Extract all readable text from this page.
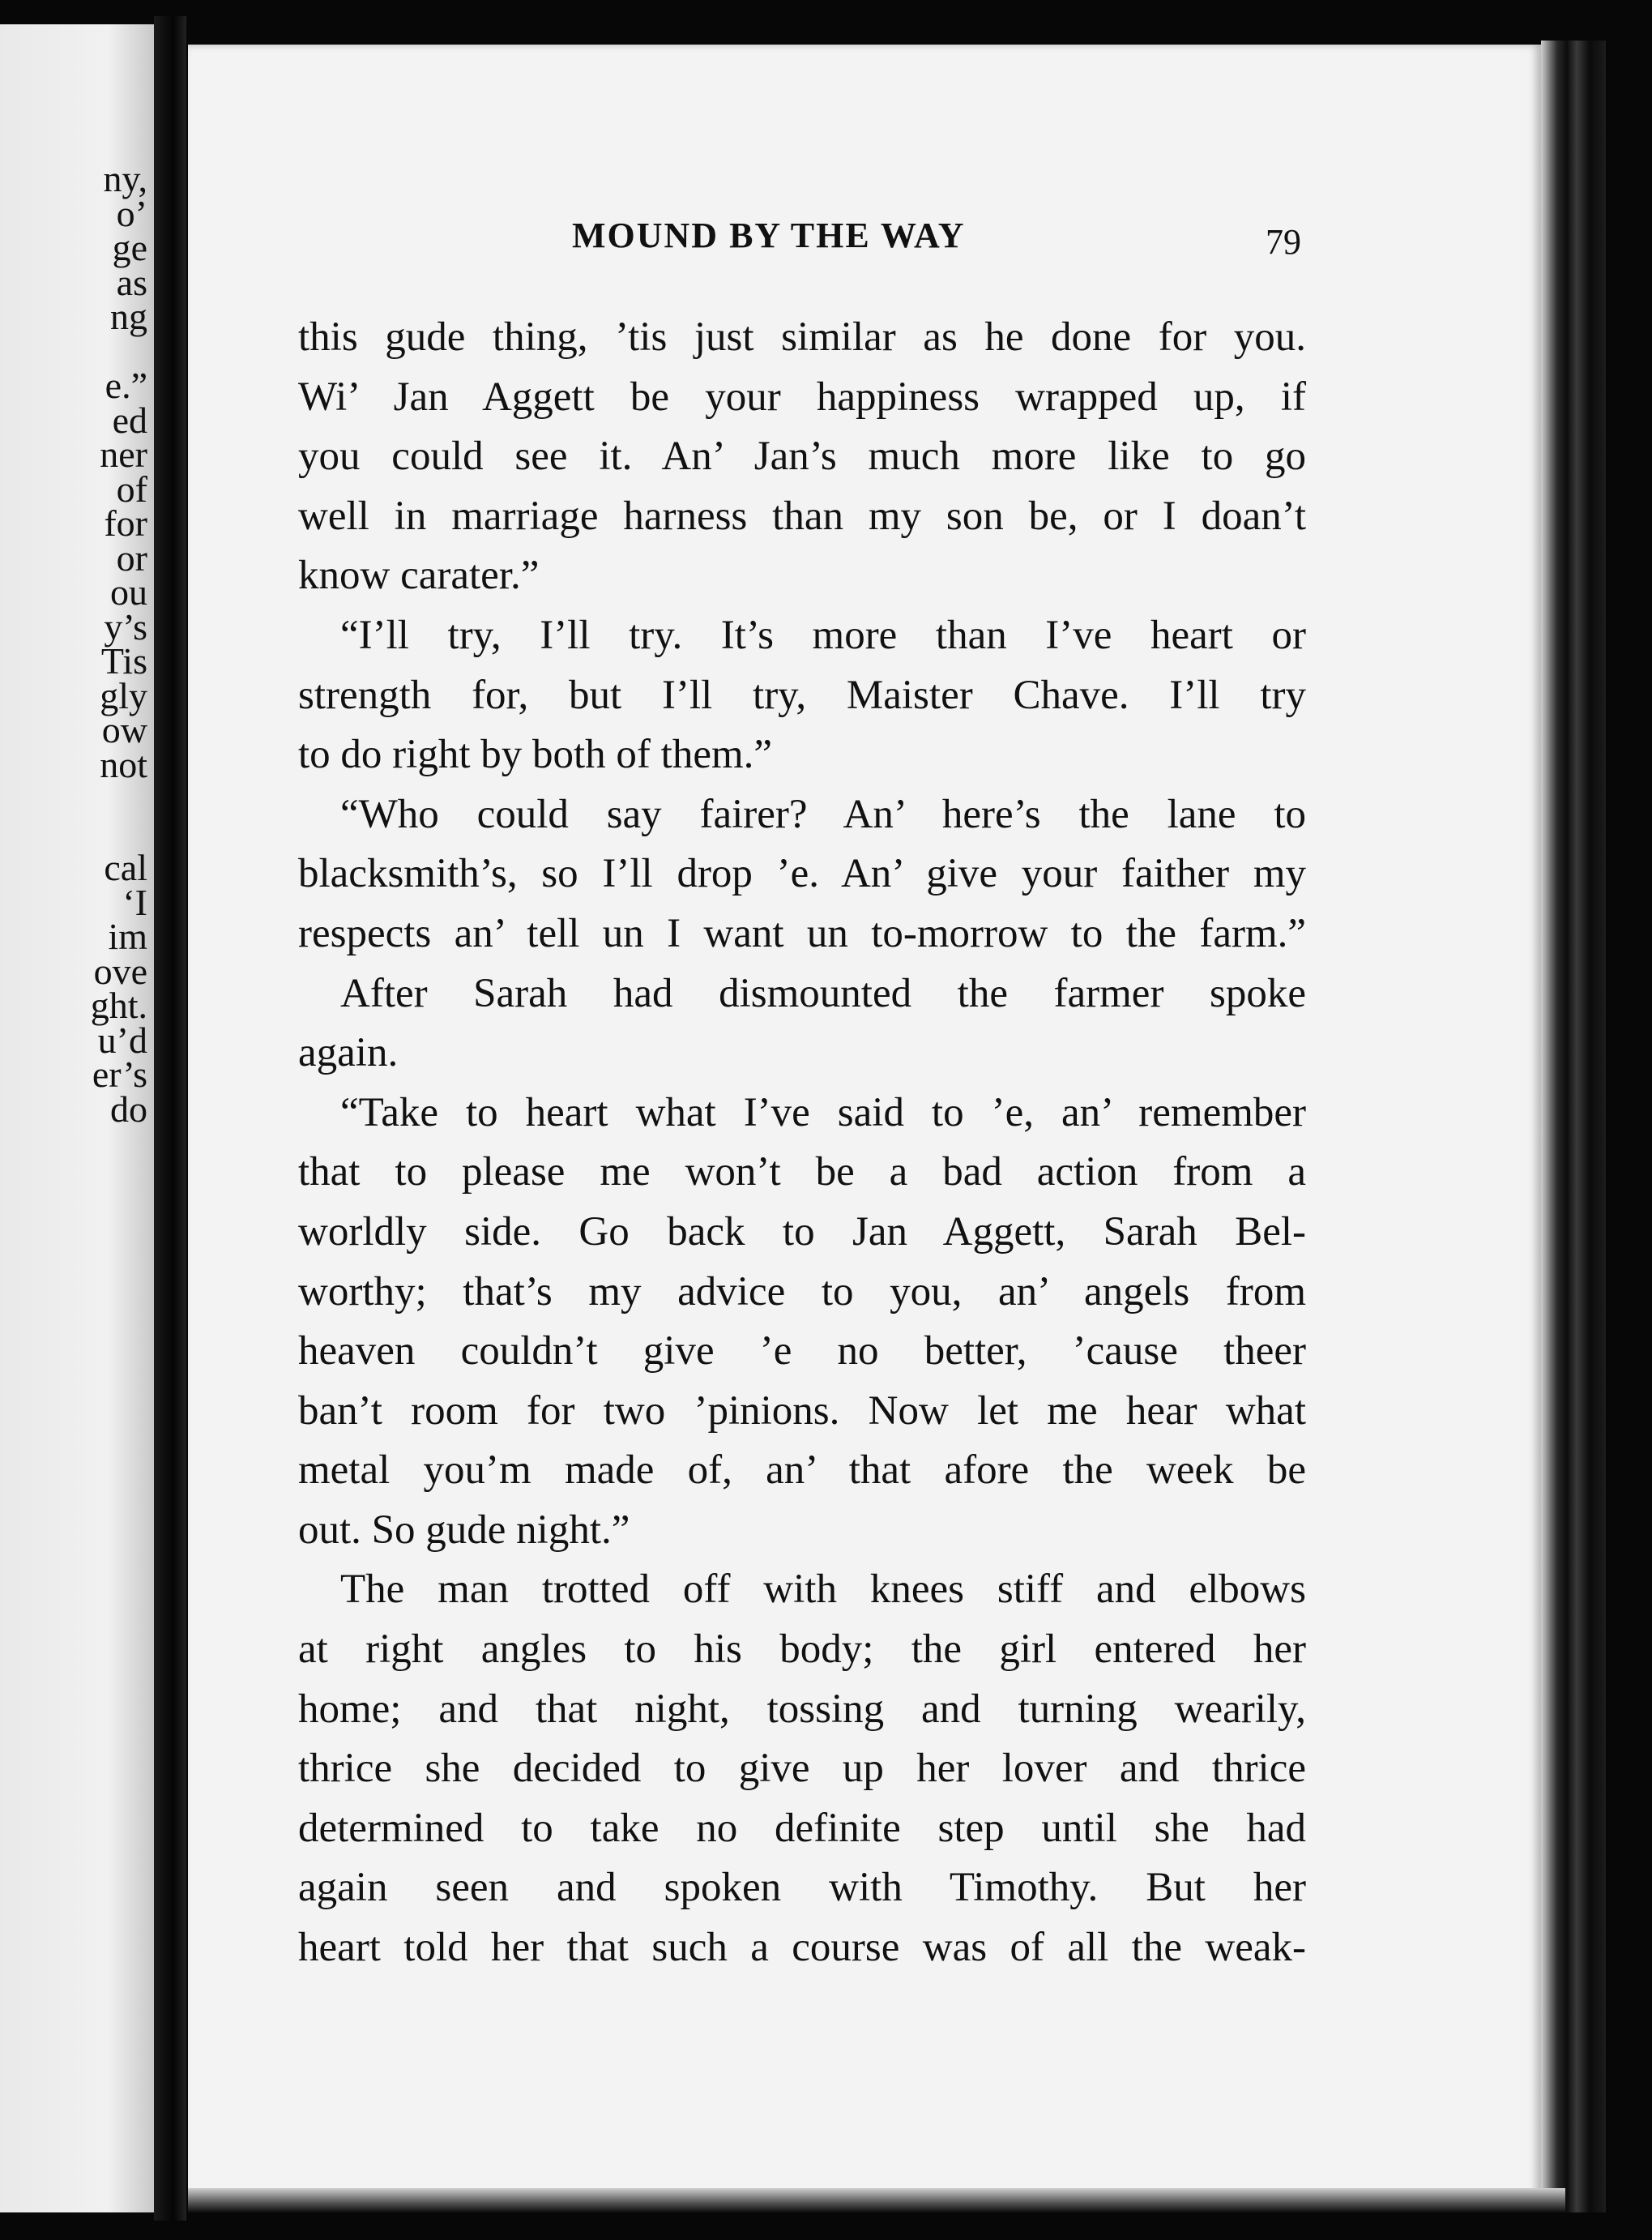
ny,
o’
ge
as
ng
e.”
ed
ner
of
for
or
ou
y’s
Tis
gly
ow
not
cal
‘I
im
ove
ght.
u’d
er’s
do
MOUND BY THE WAY	79
this gude thing, ’tis just similar as he done for you.
Wi’ Jan Aggett be your happiness wrapped up, if
you could see it. An’ Jan’s much more like to go
well in marriage harness than my son be, or I doan’t
know carater.”
“I’ll try, I’ll try. It’s more than I’ve heart or
strength for, but I’ll try, Maister Chave. I’ll try
to do right by both of them.”
“Who could say fairer? An’ here’s the lane to
blacksmith’s, so I’ll drop ’e. An’ give your faither my
respects an’ tell un I want un to-morrow to the farm.”
After Sarah had dismounted the farmer spoke
again.
“Take to heart what I’ve said to ’e, an’ remember
that to please me won’t be a bad action from a
worldly side. Go back to Jan Aggett, Sarah Bel-
worthy; that’s my advice to you, an’ angels from
heaven couldn’t give ’e no better, ’cause theer
ban’t room for two ’pinions. Now let me hear what
metal you’m made of, an’ that afore the week be
out. So gude night.”
The man trotted off with knees stiff and elbows
at right angles to his body; the girl entered her
home; and that night, tossing and turning wearily,
thrice she decided to give up her lover and thrice
determined to take no definite step until she had
again seen and spoken with Timothy. But her
heart told her that such a course was of all the weak-
